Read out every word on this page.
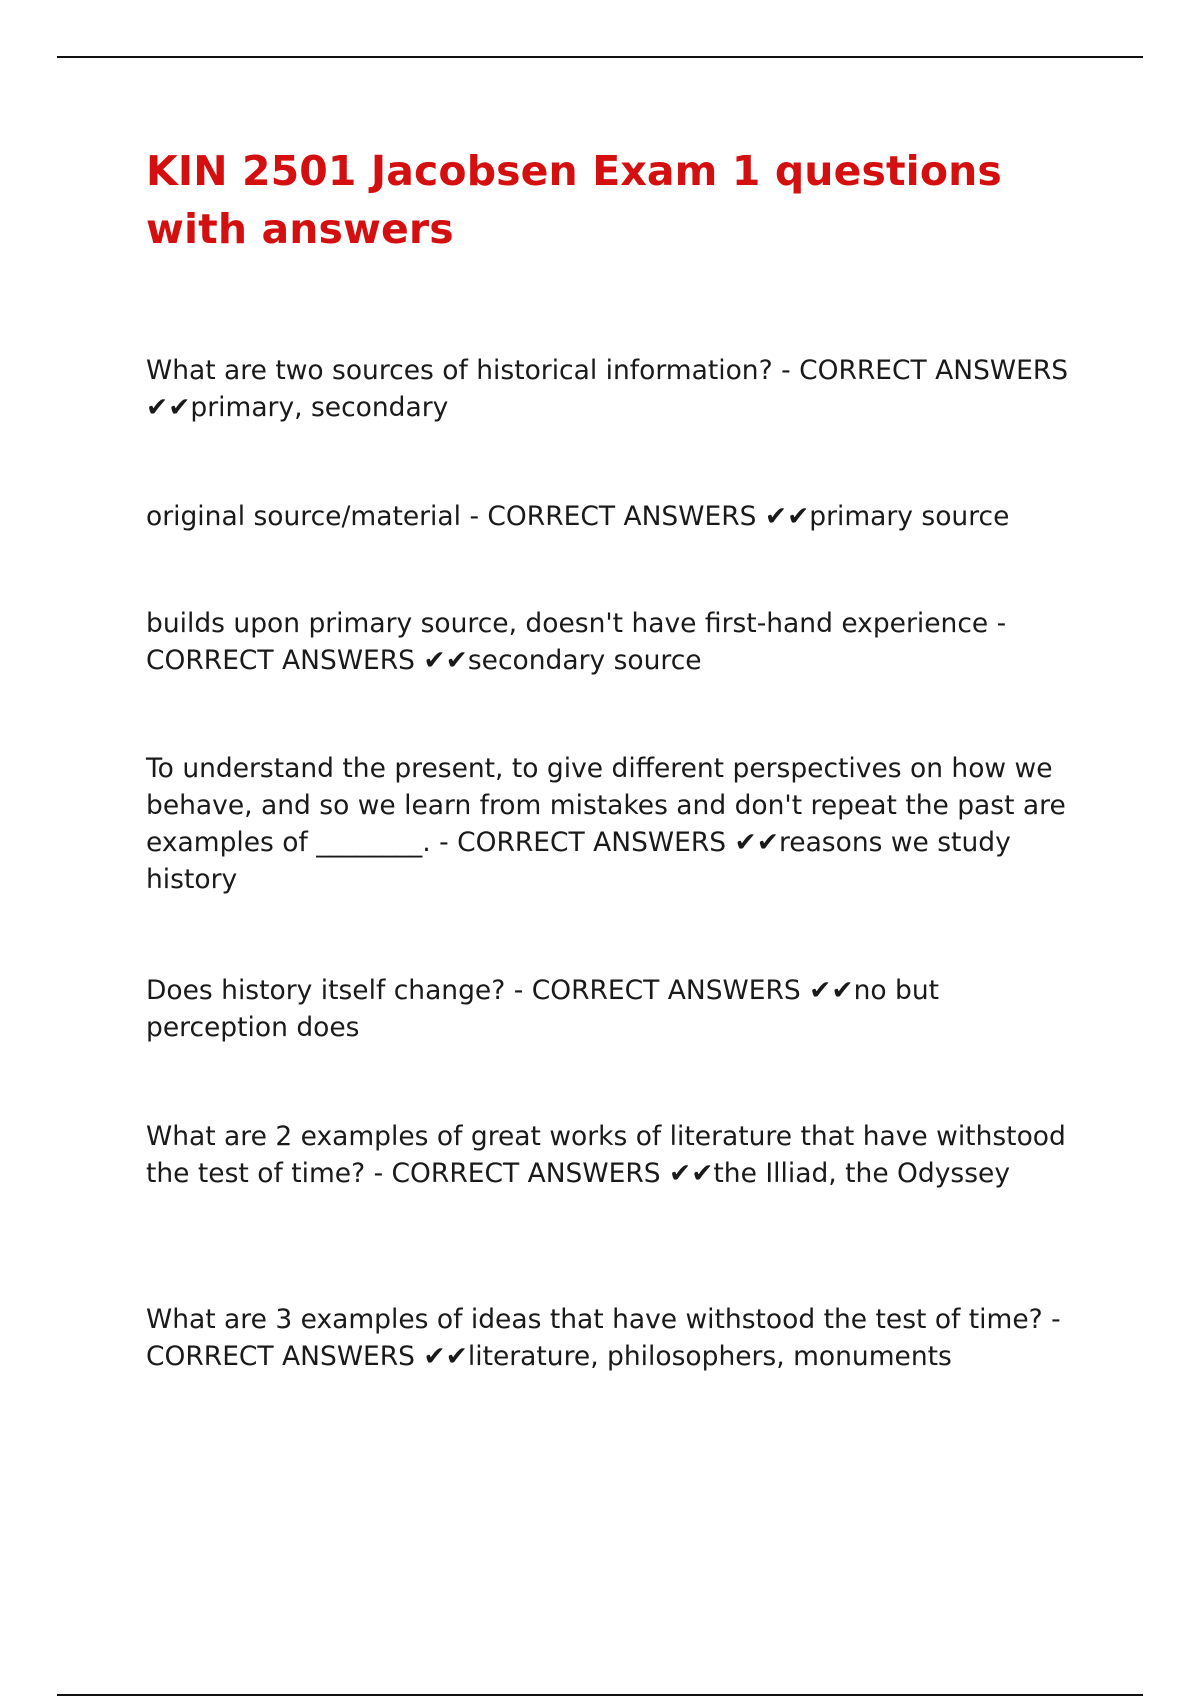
KIN 2501 Jacobsen Exam 1 questions with answers
What are two sources of historical information? - CORRECT ANSWERS ✔✔primary, secondary
original source/material - CORRECT ANSWERS ✔✔primary source
builds upon primary source, doesn't have first-hand experience - CORRECT ANSWERS ✔✔secondary source
To understand the present, to give different perspectives on how we behave, and so we learn from mistakes and don't repeat the past are examples of ________. - CORRECT ANSWERS ✔✔reasons we study history
Does history itself change? - CORRECT ANSWERS ✔✔no but perception does
What are 2 examples of great works of literature that have withstood the test of time? - CORRECT ANSWERS ✔✔the Illiad, the Odyssey
What are 3 examples of ideas that have withstood the test of time? - CORRECT ANSWERS ✔✔literature, philosophers, monuments
